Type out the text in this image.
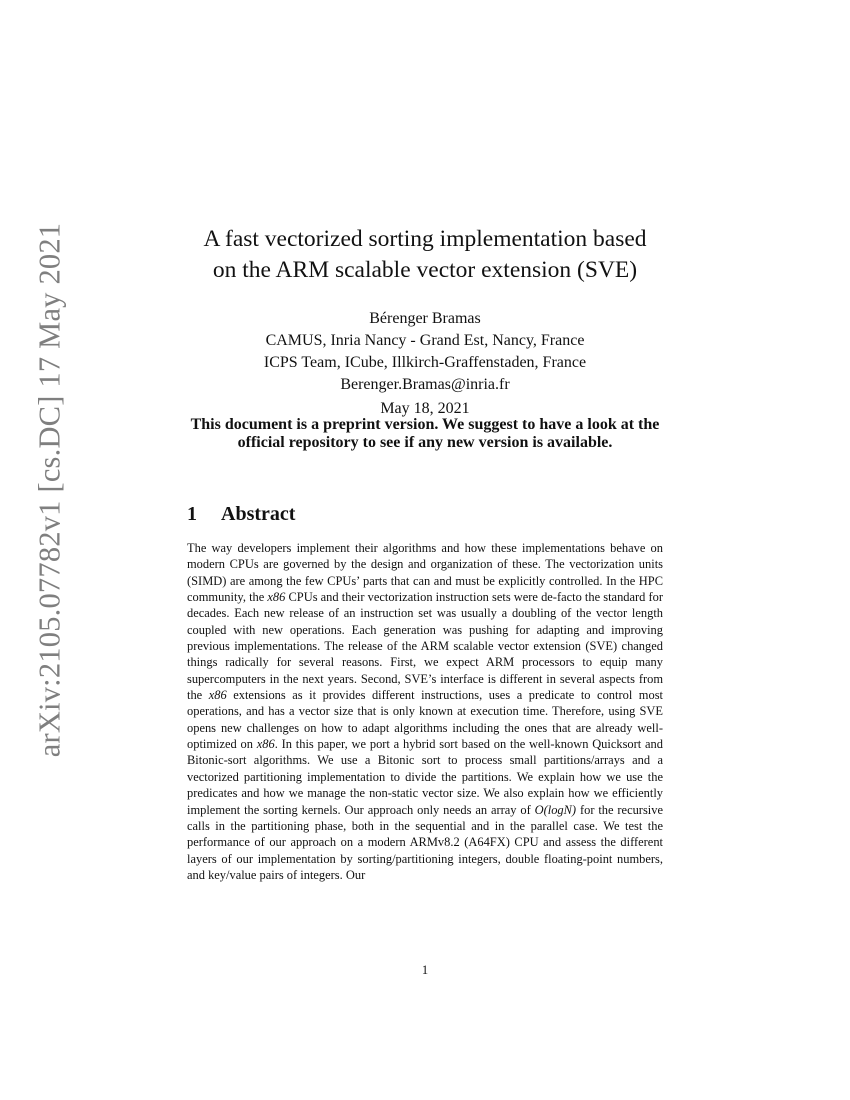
arXiv:2105.07782v1 [cs.DC] 17 May 2021	A fast vectorized sorting implementation based
on the ARM scalable vector extension (SVE)
Bérenger Bramas
CAMUS, Inria Nancy - Grand Est, Nancy, France
ICPS Team, ICube, Illkirch-Graffenstaden, France
Berenger.Bramas@inria.fr
May 18, 2021
This document is a preprint version. We suggest to have a look at the official repository to see if any new version is available.
1 Abstract
The way developers implement their algorithms and how these implementations behave on modern CPUs are governed by the design and organization of these. The vectorization units (SIMD) are among the few CPUs’ parts that can and must be explicitly controlled. In the HPC community, the x86 CPUs and their vectorization instruction sets were de-facto the standard for decades. Each new release of an instruction set was usually a doubling of the vector length coupled with new operations. Each generation was pushing for adapting and improving previous implementations. The release of the ARM scalable vector extension (SVE) changed things radically for several reasons. First, we expect ARM processors to equip many supercomputers in the next years. Second, SVE’s interface is different in several aspects from the x86 extensions as it provides different instructions, uses a predicate to control most operations, and has a vector size that is only known at execution time. Therefore, using SVE opens new challenges on how to adapt algorithms including the ones that are already well-optimized on x86. In this paper, we port a hybrid sort based on the well-known Quicksort and Bitonic-sort algorithms. We use a Bitonic sort to process small partitions/arrays and a vectorized partitioning implementation to divide the partitions. We explain how we use the predicates and how we manage the non-static vector size. We also explain how we efficiently implement the sorting kernels. Our approach only needs an array of O(logN) for the recursive calls in the partitioning phase, both in the sequential and in the parallel case. We test the performance of our approach on a modern ARMv8.2 (A64FX) CPU and assess the different layers of our implementation by sorting/partitioning integers, double floating-point numbers, and key/value pairs of integers. Our
1
